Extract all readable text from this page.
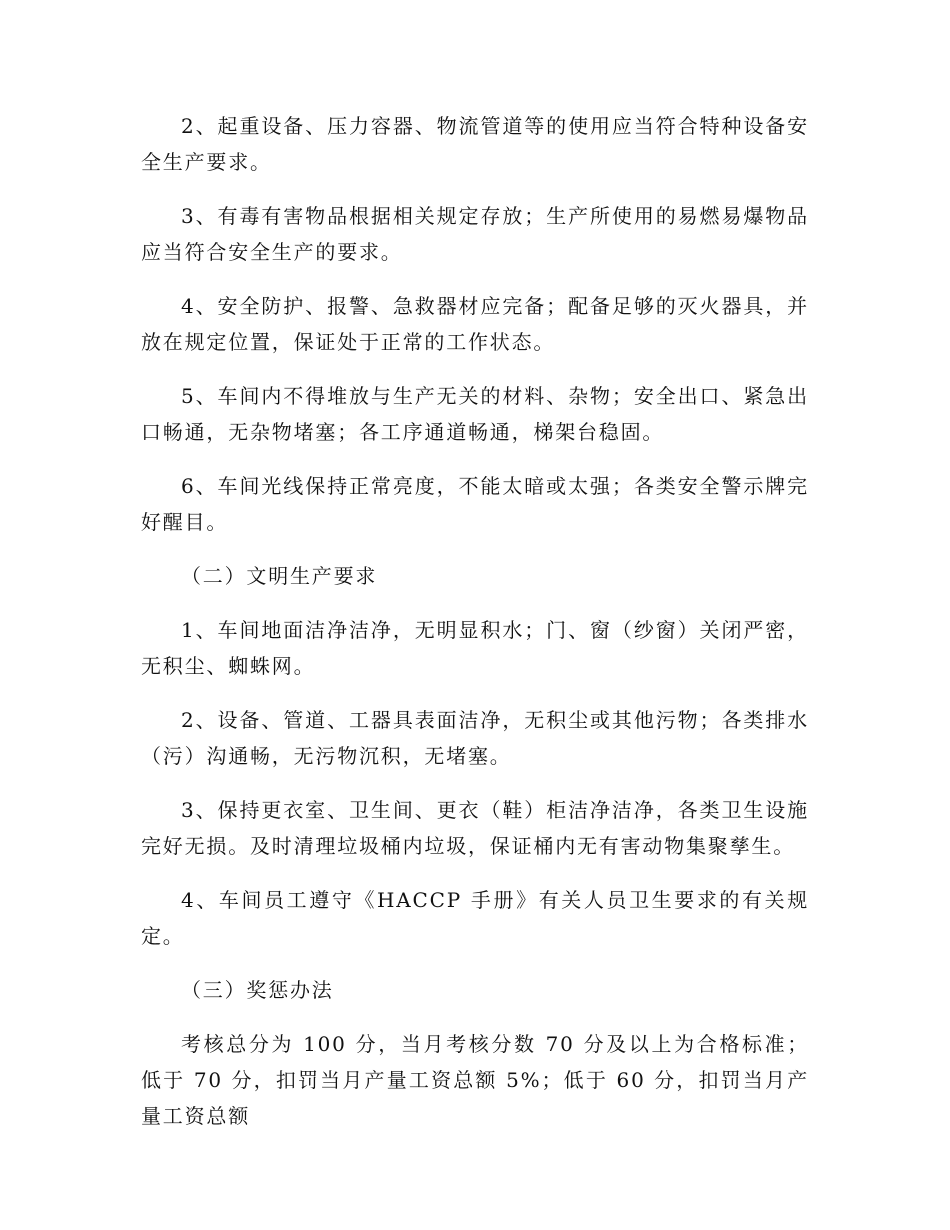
2、起重设备、压力容器、物流管道等的使用应当符合特种设备安全生产要求。

3、有毒有害物品根据相关规定存放；生产所使用的易燃易爆物品应当符合安全生产的要求。

4、安全防护、报警、急救器材应完备；配备足够的灭火器具，并放在规定位置，保证处于正常的工作状态。

5、车间内不得堆放与生产无关的材料、杂物；安全出口、紧急出口畅通，无杂物堵塞；各工序通道畅通，梯架台稳固。

6、车间光线保持正常亮度，不能太暗或太强；各类安全警示牌完好醒目。

（二）文明生产要求

1、车间地面洁净洁净，无明显积水；门、窗（纱窗）关闭严密，无积尘、蜘蛛网。

2、设备、管道、工器具表面洁净，无积尘或其他污物；各类排水（污）沟通畅，无污物沉积，无堵塞。

3、保持更衣室、卫生间、更衣（鞋）柜洁净洁净，各类卫生设施完好无损。及时清理垃圾桶内垃圾，保证桶内无有害动物集聚孳生。

4、车间员工遵守《HACCP 手册》有关人员卫生要求的有关规定。

（三）奖惩办法

考核总分为 100 分，当月考核分数 70 分及以上为合格标准；低于 70 分，扣罚当月产量工资总额 5%；低于 60 分，扣罚当月产量工资总额
